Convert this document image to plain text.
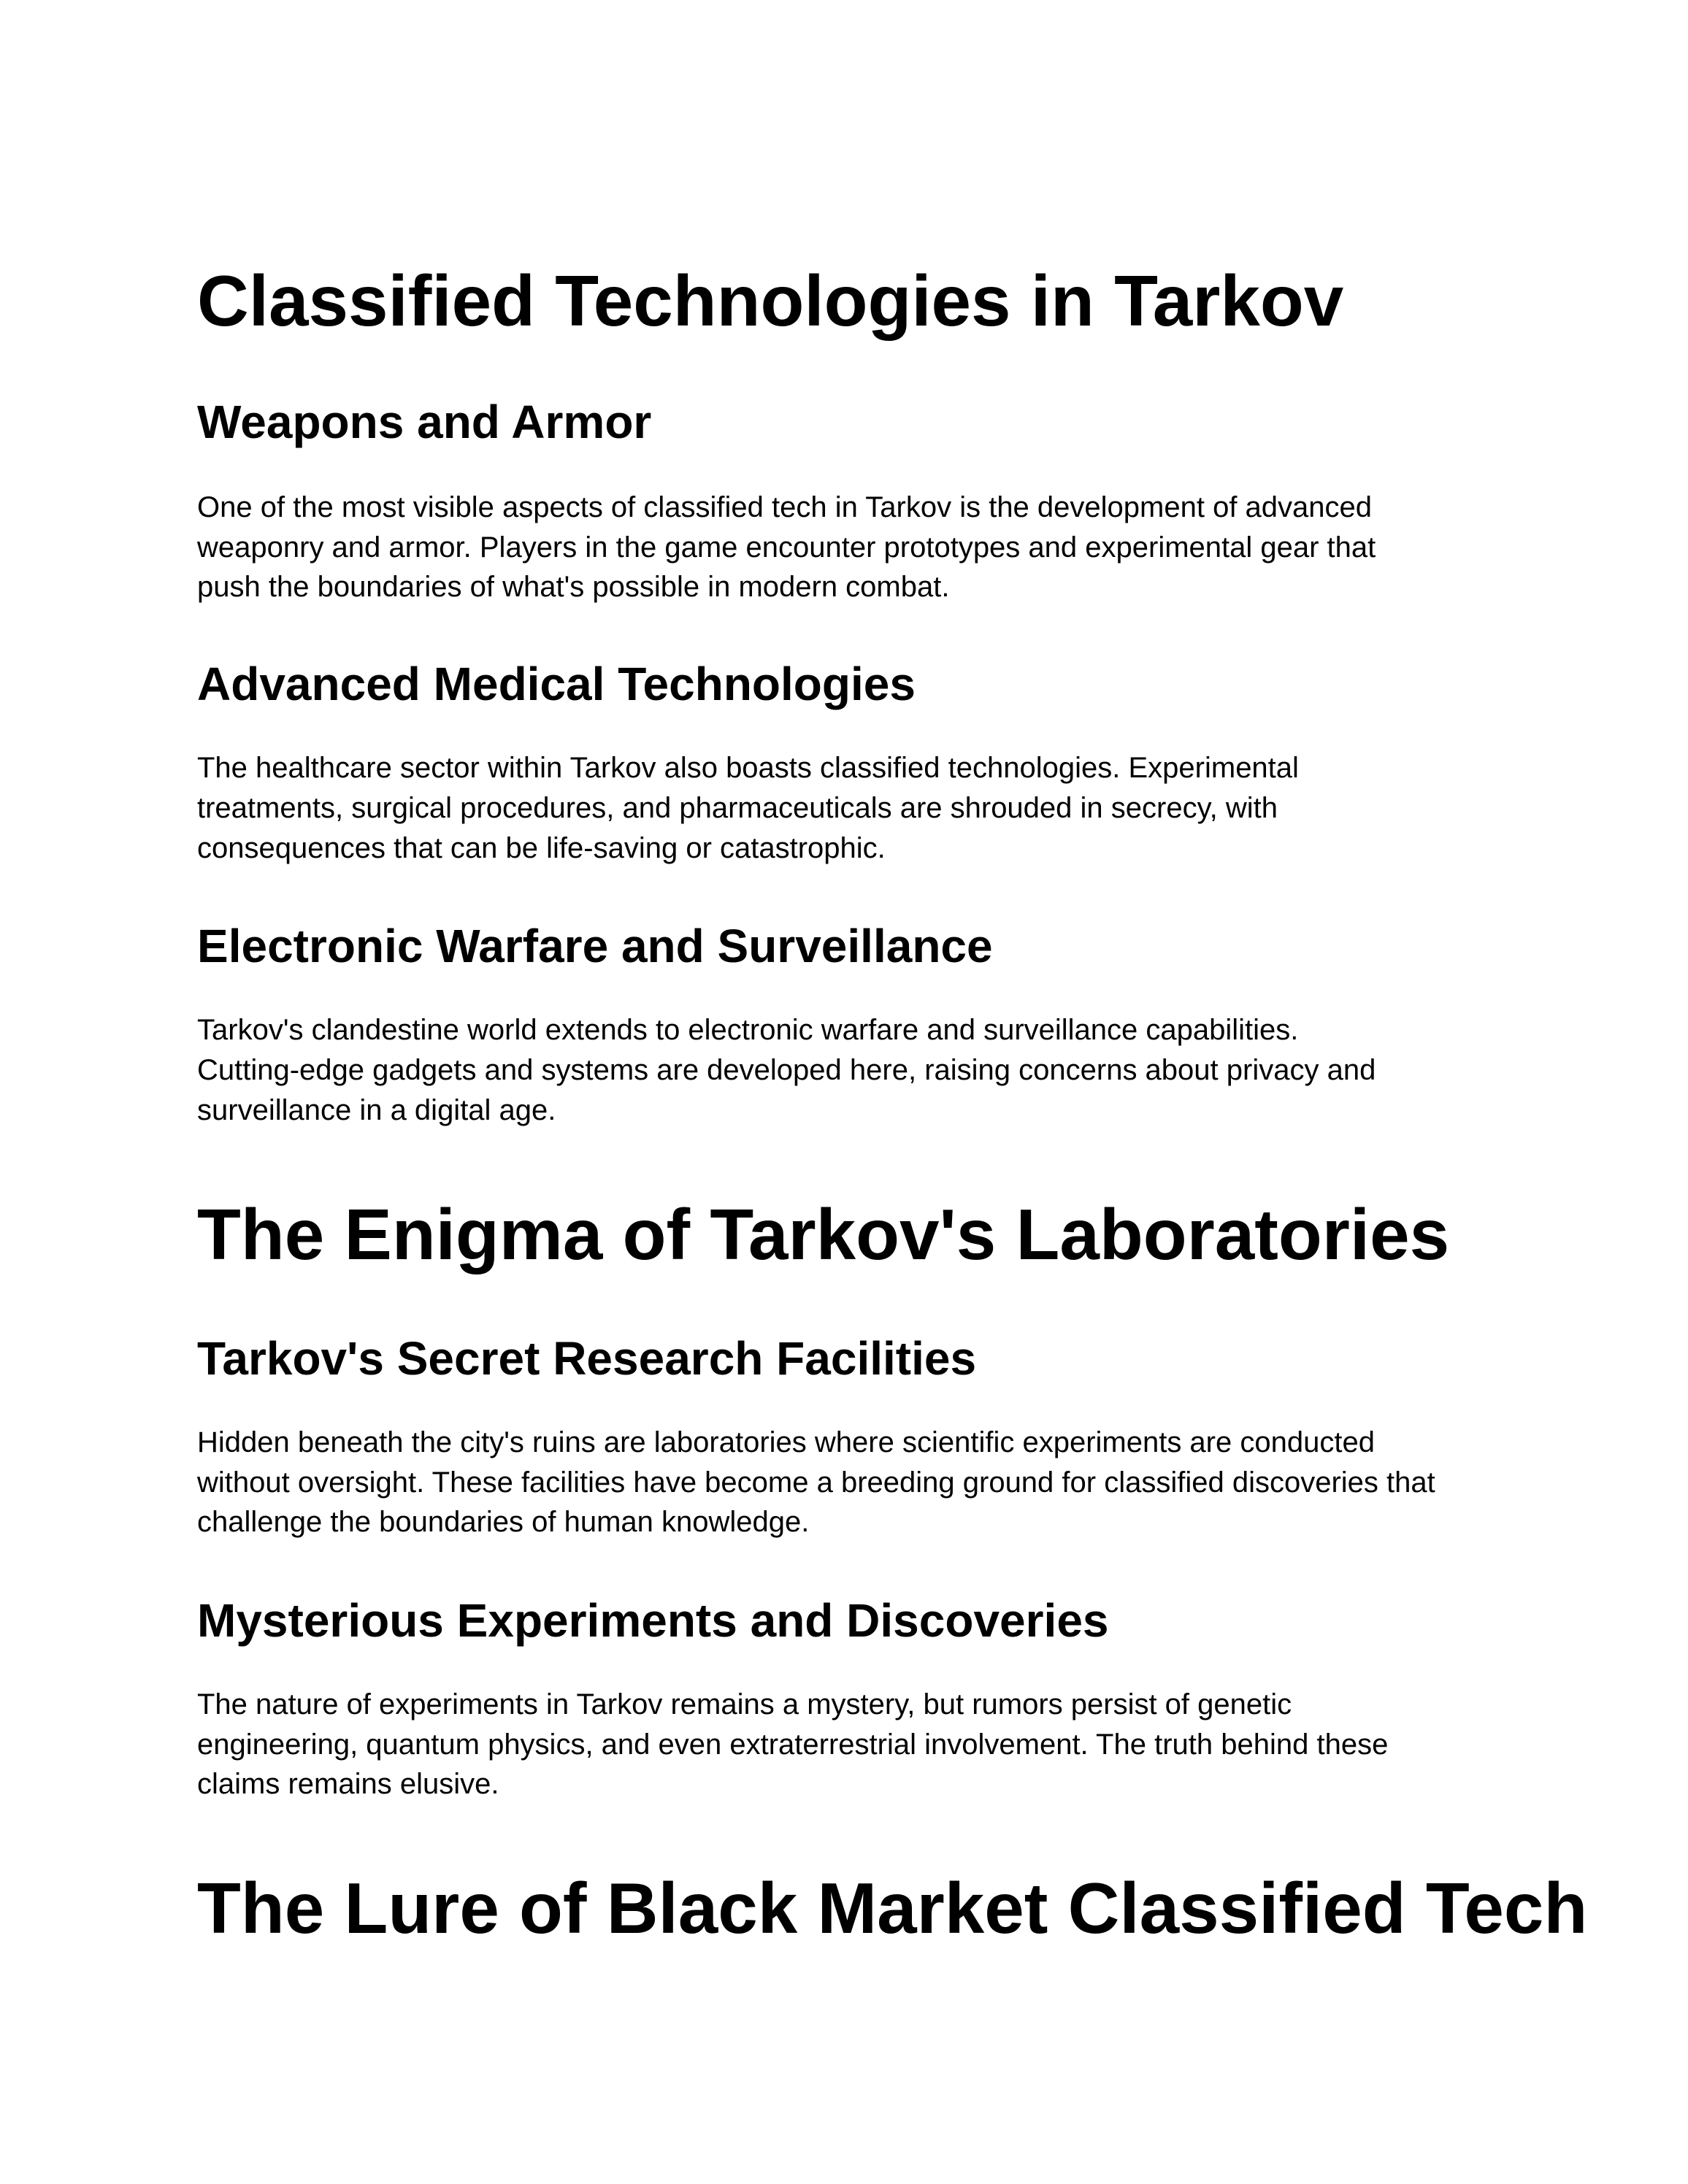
Classified Technologies in Tarkov
Weapons and Armor
One of the most visible aspects of classified tech in Tarkov is the development of advanced
weaponry and armor. Players in the game encounter prototypes and experimental gear that
push the boundaries of what's possible in modern combat.
Advanced Medical Technologies
The healthcare sector within Tarkov also boasts classified technologies. Experimental
treatments, surgical procedures, and pharmaceuticals are shrouded in secrecy, with
consequences that can be life-saving or catastrophic.
Electronic Warfare and Surveillance
Tarkov's clandestine world extends to electronic warfare and surveillance capabilities.
Cutting-edge gadgets and systems are developed here, raising concerns about privacy and
surveillance in a digital age.
The Enigma of Tarkov's Laboratories
Tarkov's Secret Research Facilities
Hidden beneath the city's ruins are laboratories where scientific experiments are conducted
without oversight. These facilities have become a breeding ground for classified discoveries that
challenge the boundaries of human knowledge.
Mysterious Experiments and Discoveries
The nature of experiments in Tarkov remains a mystery, but rumors persist of genetic
engineering, quantum physics, and even extraterrestrial involvement. The truth behind these
claims remains elusive.
The Lure of Black Market Classified Tech
